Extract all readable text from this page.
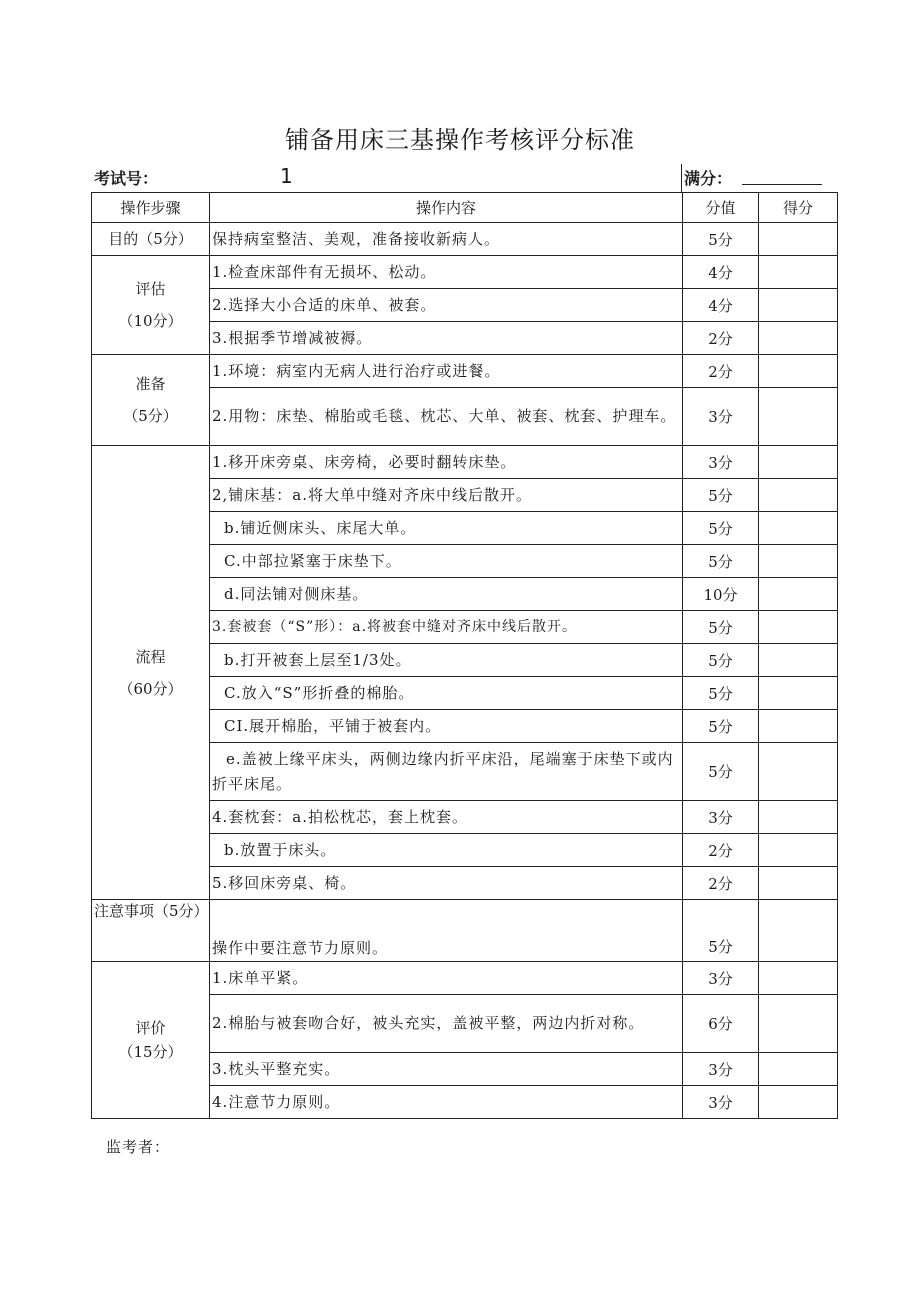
铺备用床三基操作考核评分标准
考试号：	1	满分：
操作步骤	操作内容	分值	得分
目的（5分）	保持病室整洁、美观，准备接收新病人。	5分	

评估
（10分）	1.检查床部件有无损坏、松动。	4分	
	2.选择大小合适的床单、被套。	4分	
	3.根据季节增减被褥。	2分	

准备
（5分）	1.环境：病室内无病人进行治疗或进餐。	2分	
	2.用物：床垫、棉胎或毛毯、枕芯、大单、被套、枕套、护理车。	3分	

流程
（60分）	1.移开床旁桌、床旁椅，必要时翻转床垫。	3分	
	2,铺床基：a.将大单中缝对齐床中线后散开。	5分	
	b.铺近侧床头、床尾大单。	5分	
	C.中部拉紧塞于床垫下。	5分	
	d.同法铺对侧床基。	10分	
	3.套被套（“S”形）：a.将被套中缝对齐床中线后散开。	5分	
	b.打开被套上层至1/3处。	5分	
	C.放入“S”形折叠的棉胎。	5分	
	CI.展开棉胎，平铺于被套内。	5分	
	e.盖被上缘平床头，两侧边缘内折平床沿，尾端塞于床垫下或内折平床尾。	5分	
	4.套枕套：a.拍松枕芯，套上枕套。	3分	
	b.放置于床头。	2分	
	5.移回床旁桌、椅。	2分	
注意事项（5分）	操作中要注意节力原则。	5分	

评价
（15分）	1.床单平紧。	3分	
	2.棉胎与被套吻合好，被头充实，盖被平整，两边内折对称。	6分	
	3.枕头平整充实。	3分	
	4.注意节力原则。	3分	
监考者：
